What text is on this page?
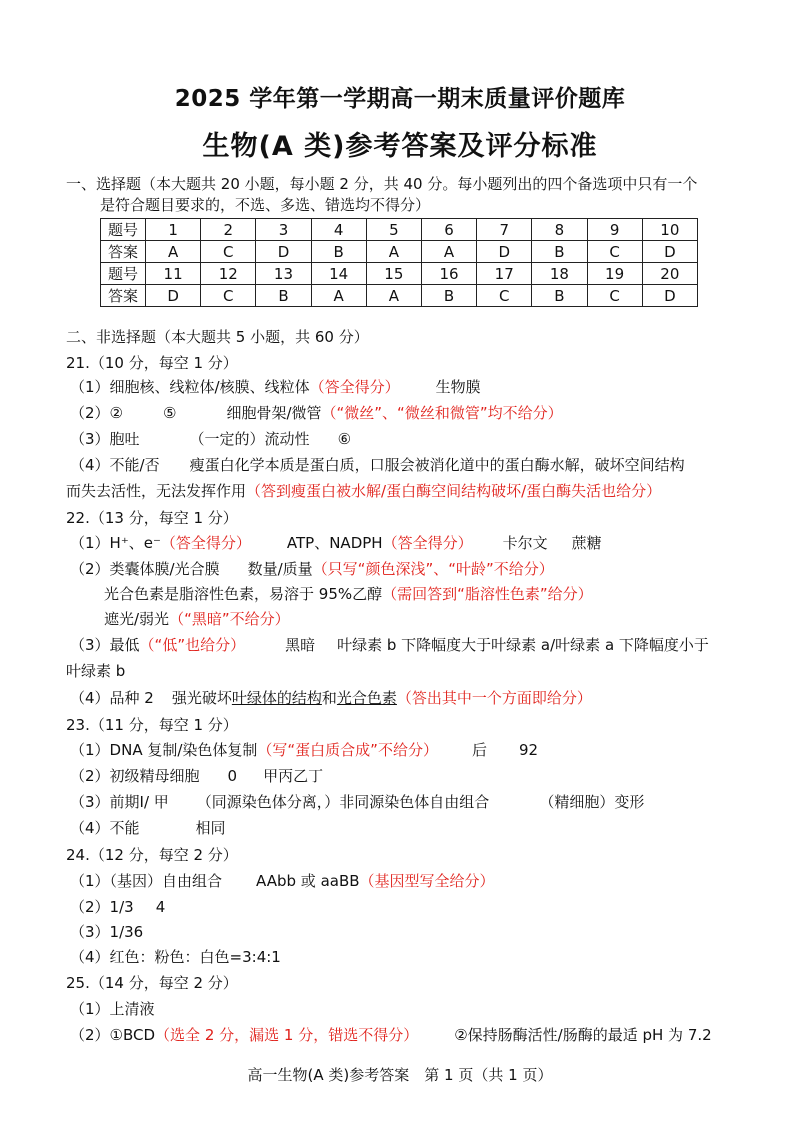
2025 学年第一学期高一期末质量评价题库
生物(A 类)参考答案及评分标准
一、选择题（本大题共 20 小题，每小题 2 分，共 40 分。每小题列出的四个备选项中只有一个
是符合题目要求的，不选、多选、错选均不得分）
题号	1	2	3	4	5	6	7	8	9	10
答案	A	C	D	B	A	A	D	B	C	D
题号	11	12	13	14	15	16	17	18	19	20
答案	D	C	B	A	A	B	C	B	C	D
二、非选择题（本大题共 5 小题，共 60 分）
21.（10 分，每空 1 分）
（1）细胞核、线粒体/核膜、线粒体（答全得分） 生物膜
（2）②	⑤	细胞骨架/微管（“微丝”、“微丝和微管”均不给分）
（3）胞吐	（一定的）流动性 ⑥
（4）不能/否 瘦蛋白化学本质是蛋白质，口服会被消化道中的蛋白酶水解，破坏空间结构
而失去活性，无法发挥作用（答到瘦蛋白被水解/蛋白酶空间结构破坏/蛋白酶失活也给分）
22.（13 分，每空 1 分）
（1）H⁺、e⁻（答全得分） ATP、NADPH（答全得分） 卡尔文 蔗糖
（2）类囊体膜/光合膜 数量/质量（只写“颜色深浅”、“叶龄”不给分）
光合色素是脂溶性色素，易溶于 95%乙醇（需回答到“脂溶性色素”给分）
遮光/弱光（“黑暗”不给分）
（3）最低（“低”也给分）	黑暗 叶绿素 b 下降幅度大于叶绿素 a/叶绿素 a 下降幅度小于
叶绿素 b
（4）品种 2 强光破坏叶绿体的结构和光合色素（答出其中一个方面即给分）
23.（11 分，每空 1 分）
（1）DNA 复制/染色体复制（写“蛋白质合成”不给分） 后 92
（2）初级精母细胞 0 甲丙乙丁
（3）前期Ⅰ/ 甲 （同源染色体分离，）非同源染色体自由组合	（精细胞）变形
（4）不能	相同
24.（12 分，每空 2 分）
（1）（基因）自由组合 AAbb 或 aaBB（基因型写全给分）
（2）1/3 4
（3）1/36
（4）红色：粉色：白色=3:4:1
25.（14 分，每空 2 分）
（1）上清液
（2）①BCD（选全 2 分，漏选 1 分，错选不得分） ②保持肠酶活性/肠酶的最适 pH 为 7.2
高一生物(A 类)参考答案　第 1 页（共 1 页）
